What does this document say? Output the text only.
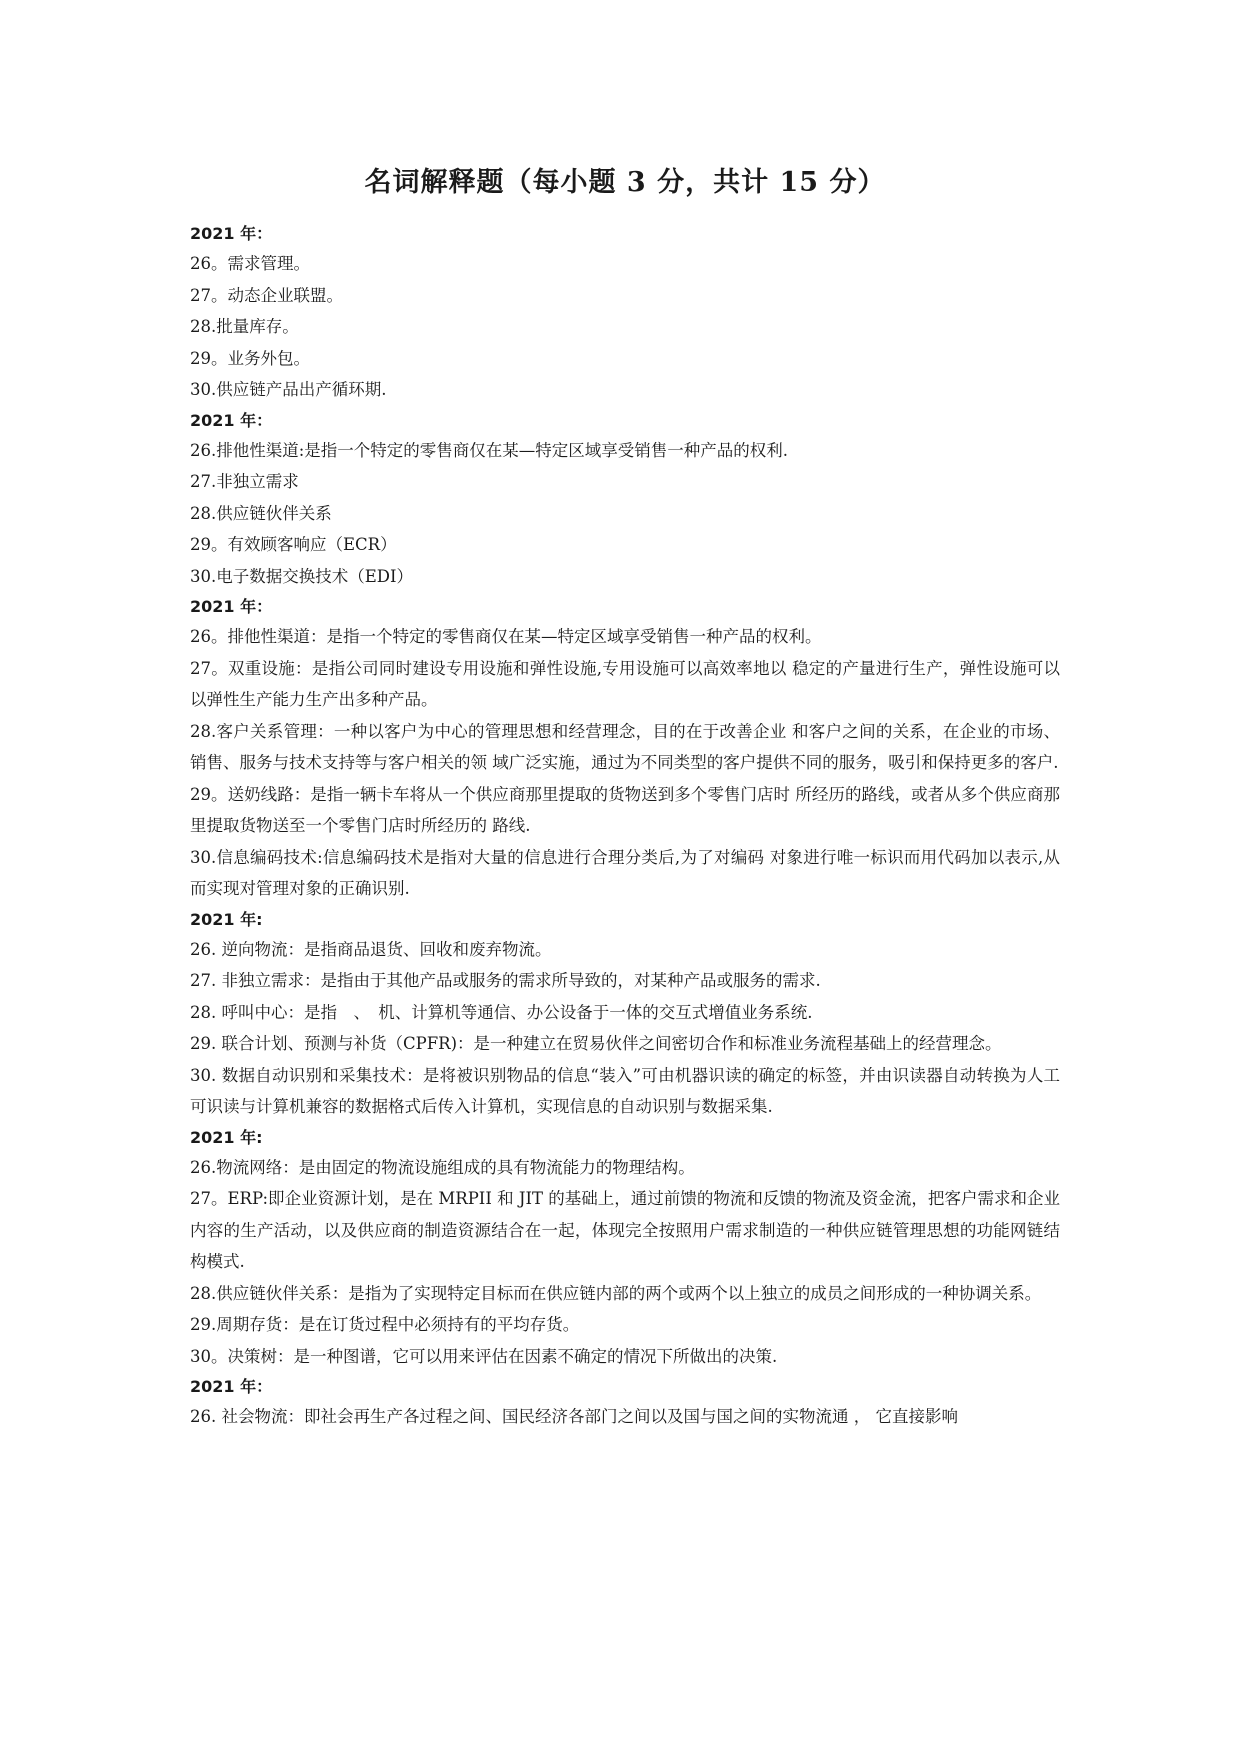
名词解释题（每小题 3 分，共计 15 分）

2021 年：

26。需求管理。

27。动态企业联盟。

28.批量库存。

29。业务外包。

30.供应链产品出产循环期.

2021 年：

26.排他性渠道:是指一个特定的零售商仅在某—特定区域享受销售一种产品的权利.

27.非独立需求

28.供应链伙伴关系

29。有效顾客响应（ECR）

30.电子数据交换技术（EDI）

2021 年：

26。排他性渠道：是指一个特定的零售商仅在某—特定区域享受销售一种产品的权利。

27。双重设施：是指公司同时建设专用设施和弹性设施,专用设施可以高效率地以 稳定的产量进行生产，弹性设施可以以弹性生产能力生产出多种产品。

28.客户关系管理：一种以客户为中心的管理思想和经营理念，目的在于改善企业 和客户之间的关系，在企业的市场、销售、服务与技术支持等与客户相关的领 域广泛实施，通过为不同类型的客户提供不同的服务，吸引和保持更多的客户.

29。送奶线路：是指一辆卡车将从一个供应商那里提取的货物送到多个零售门店时 所经历的路线，或者从多个供应商那里提取货物送至一个零售门店时所经历的 路线.

30.信息编码技术:信息编码技术是指对大量的信息进行合理分类后,为了对编码 对象进行唯一标识而用代码加以表示,从而实现对管理对象的正确识别.

2021 年:

26. 逆向物流：是指商品退货、回收和废弃物流。

27. 非独立需求：是指由于其他产品或服务的需求所导致的，对某种产品或服务的需求.

28. 呼叫中心：是指　、　机、计算机等通信、办公设备于一体的交互式增值业务系统.

29. 联合计划、预测与补货（CPFR)：是一种建立在贸易伙伴之间密切合作和标准业务流程基础上的经营理念。

30. 数据自动识别和采集技术：是将被识别物品的信息“装入”可由机器识读的确定的标签，并由识读器自动转换为人工可识读与计算机兼容的数据格式后传入计算机，实现信息的自动识别与数据采集.

2021 年:

26.物流网络：是由固定的物流设施组成的具有物流能力的物理结构。

27。ERP:即企业资源计划，是在 MRPII 和 JIT 的基础上，通过前馈的物流和反馈的物流及资金流，把客户需求和企业内容的生产活动，以及供应商的制造资源结合在一起，体现完全按照用户需求制造的一种供应链管理思想的功能网链结构模式.

28.供应链伙伴关系：是指为了实现特定目标而在供应链内部的两个或两个以上独立的成员之间形成的一种协调关系。

29.周期存货：是在订货过程中必须持有的平均存货。

30。决策树：是一种图谱，它可以用来评估在因素不确定的情况下所做出的决策.

2021 年：

26. 社会物流：即社会再生产各过程之间、国民经济各部门之间以及国与国之间的实物流通 ， 它直接影响
